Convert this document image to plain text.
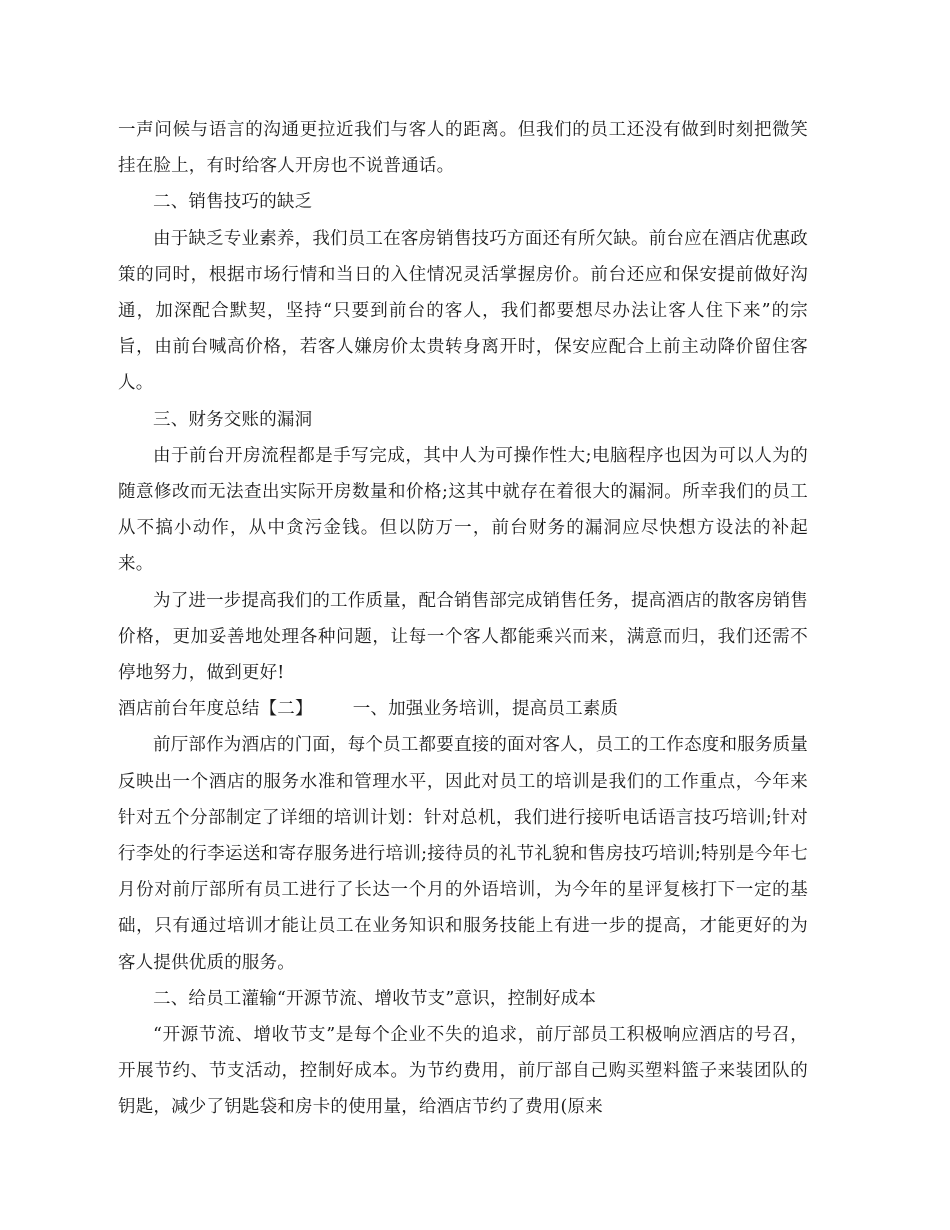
一声问候与语言的沟通更拉近我们与客人的距离。但我们的员工还没有做到时刻把微笑挂在脸上，有时给客人开房也不说普通话。

二、销售技巧的缺乏

由于缺乏专业素养，我们员工在客房销售技巧方面还有所欠缺。前台应在酒店优惠政策的同时，根据市场行情和当日的入住情况灵活掌握房价。前台还应和保安提前做好沟通，加深配合默契，坚持“只要到前台的客人，我们都要想尽办法让客人住下来”的宗旨，由前台喊高价格，若客人嫌房价太贵转身离开时，保安应配合上前主动降价留住客人。

三、财务交账的漏洞

由于前台开房流程都是手写完成，其中人为可操作性大;电脑程序也因为可以人为的随意修改而无法查出实际开房数量和价格;这其中就存在着很大的漏洞。所幸我们的员工从不搞小动作，从中贪污金钱。但以防万一，前台财务的漏洞应尽快想方设法的补起来。

为了进一步提高我们的工作质量，配合销售部完成销售任务，提高酒店的散客房销售价格，更加妥善地处理各种问题，让每一个客人都能乘兴而来，满意而归，我们还需不停地努力，做到更好!

酒店前台年度总结【二】 一、加强业务培训，提高员工素质

前厅部作为酒店的门面，每个员工都要直接的面对客人，员工的工作态度和服务质量反映出一个酒店的服务水准和管理水平，因此对员工的培训是我们的工作重点，今年来针对五个分部制定了详细的培训计划：针对总机，我们进行接听电话语言技巧培训;针对行李处的行李运送和寄存服务进行培训;接待员的礼节礼貌和售房技巧培训;特别是今年七月份对前厅部所有员工进行了长达一个月的外语培训，为今年的星评复核打下一定的基础，只有通过培训才能让员工在业务知识和服务技能上有进一步的提高，才能更好的为客人提供优质的服务。

二、给员工灌输“开源节流、增收节支”意识，控制好成本

“开源节流、增收节支”是每个企业不失的追求，前厅部员工积极响应酒店的号召，开展节约、节支活动，控制好成本。为节约费用，前厅部自己购买塑料篮子来装团队的钥匙，减少了钥匙袋和房卡的使用量，给酒店节约了费用(原来
